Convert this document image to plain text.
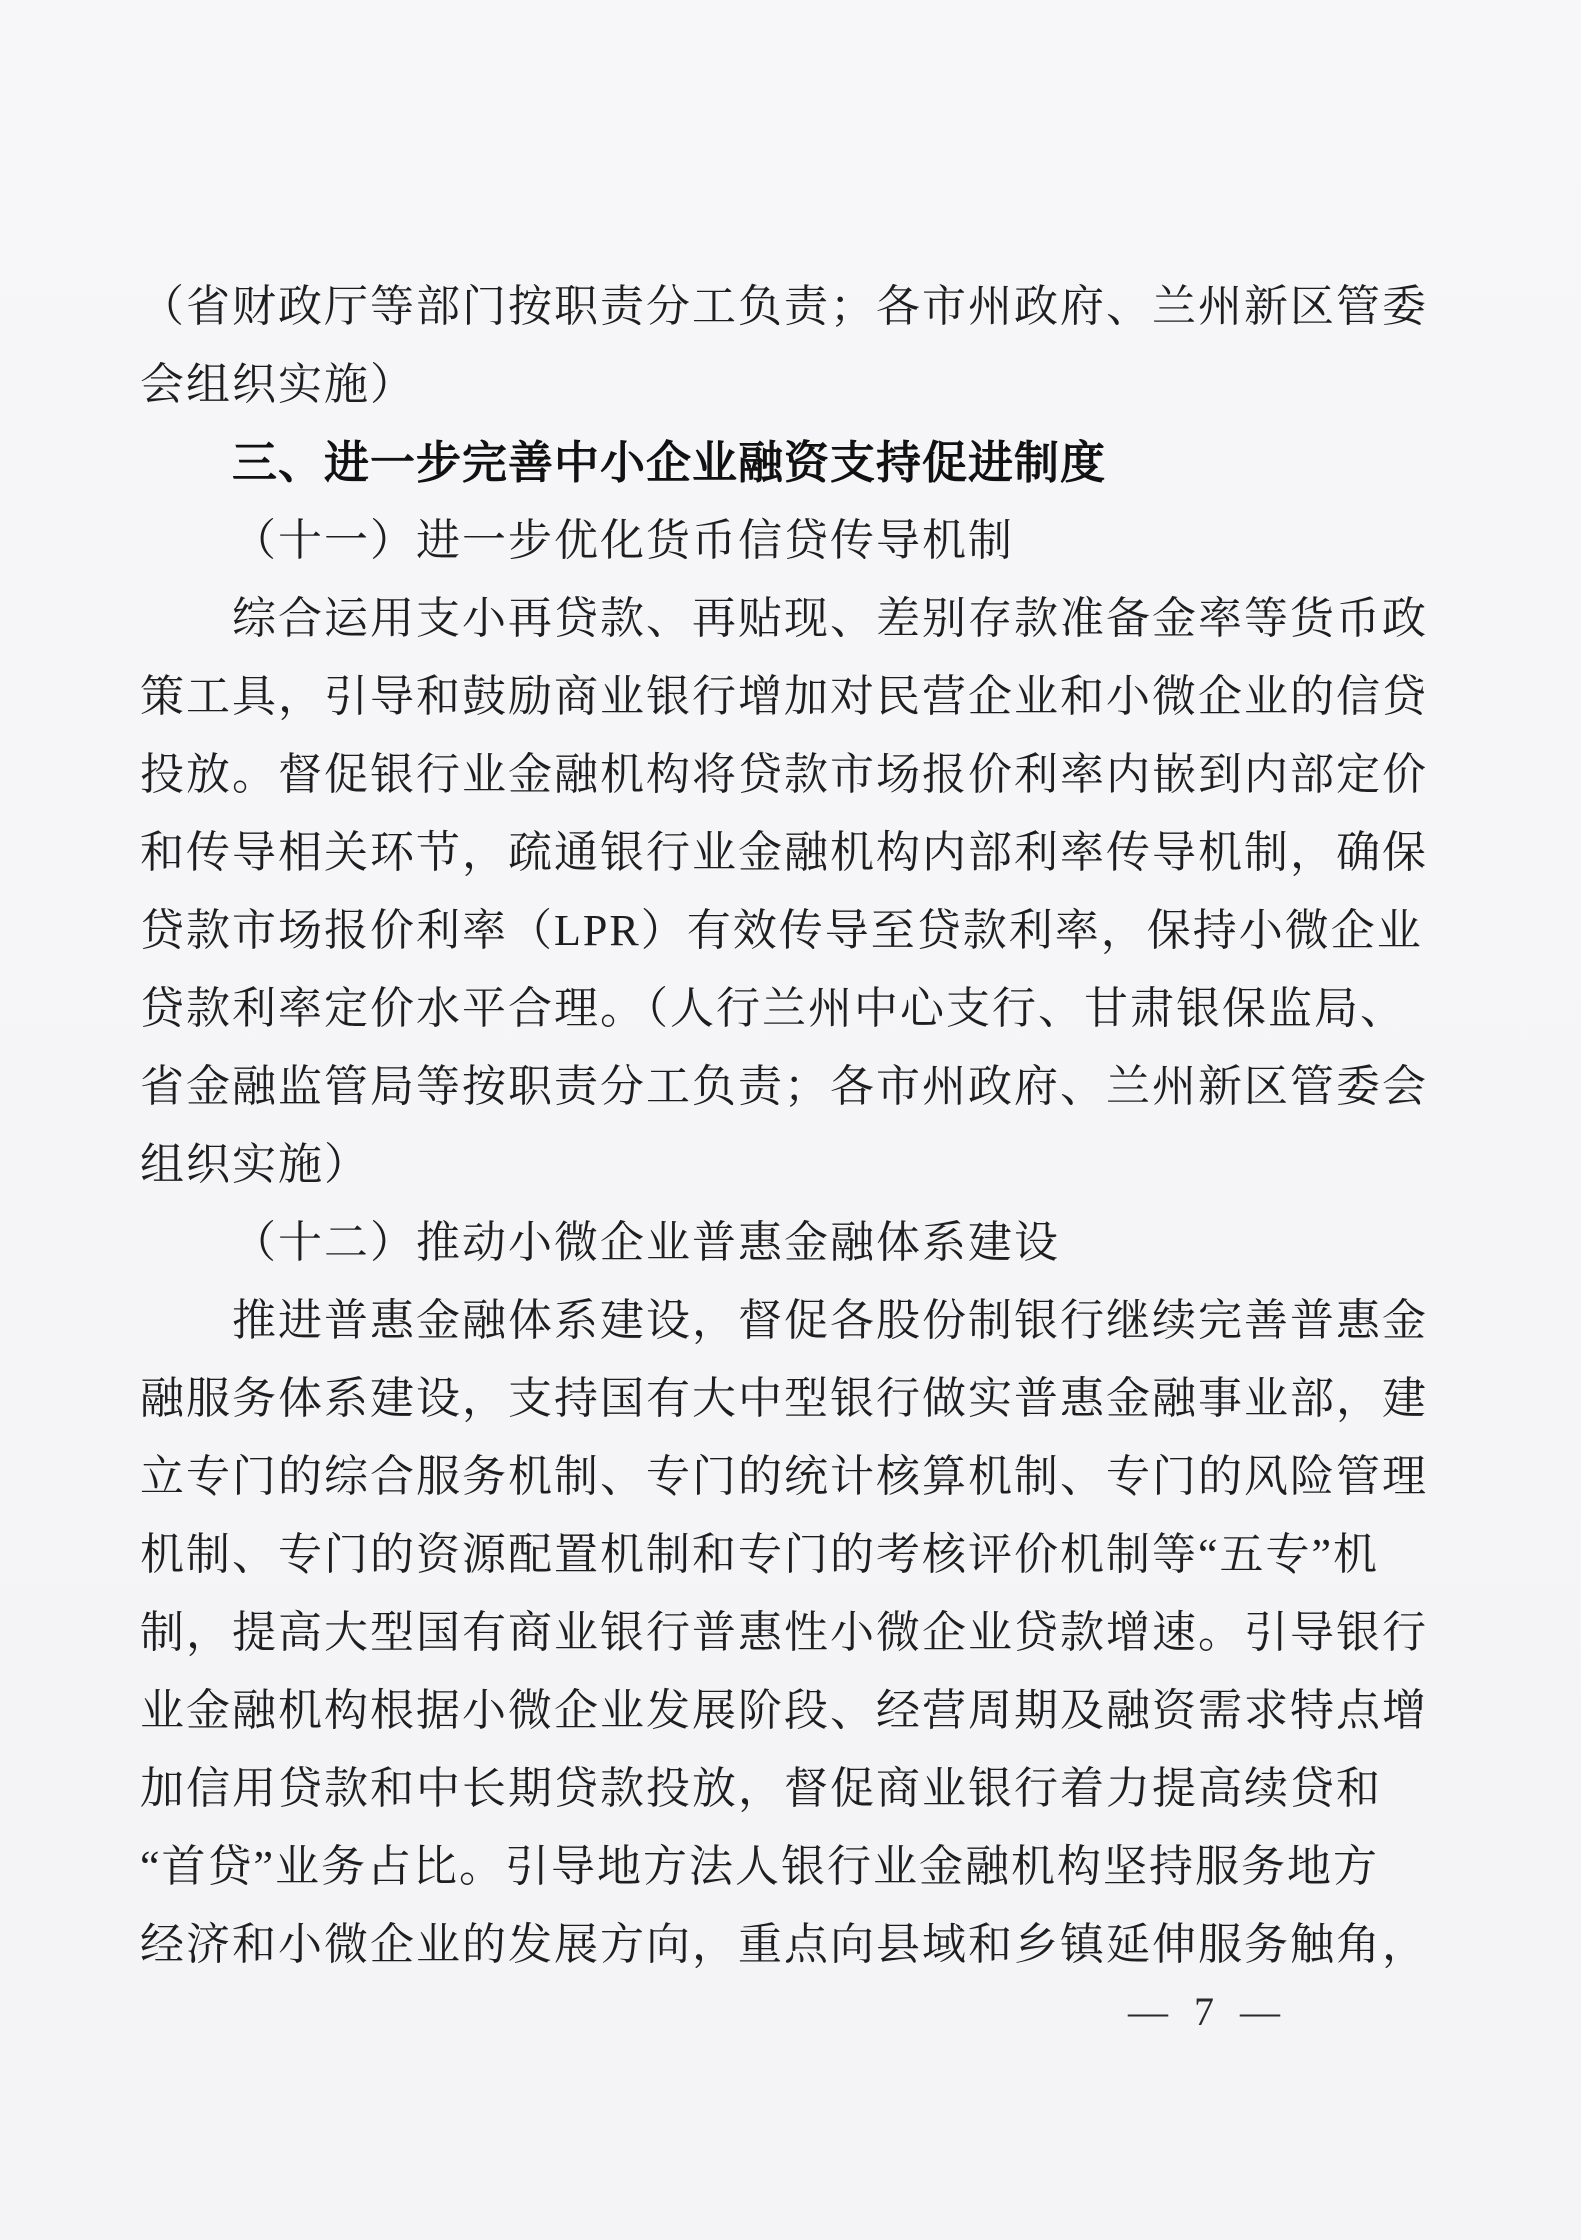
（省财政厅等部门按职责分工负责；各市州政府、兰州新区管委
会组织实施）
三、进一步完善中小企业融资支持促进制度
（十一）进一步优化货币信贷传导机制
综合运用支小再贷款、再贴现、差别存款准备金率等货币政
策工具，引导和鼓励商业银行增加对民营企业和小微企业的信贷
投放。督促银行业金融机构将贷款市场报价利率内嵌到内部定价
和传导相关环节，疏通银行业金融机构内部利率传导机制，确保
贷款市场报价利率（LPR）有效传导至贷款利率，保持小微企业
贷款利率定价水平合理。（人行兰州中心支行、甘肃银保监局、
省金融监管局等按职责分工负责；各市州政府、兰州新区管委会
组织实施）
（十二）推动小微企业普惠金融体系建设
推进普惠金融体系建设，督促各股份制银行继续完善普惠金
融服务体系建设，支持国有大中型银行做实普惠金融事业部，建
立专门的综合服务机制、专门的统计核算机制、专门的风险管理
机制、专门的资源配置机制和专门的考核评价机制等“五专”机
制，提高大型国有商业银行普惠性小微企业贷款增速。引导银行
业金融机构根据小微企业发展阶段、经营周期及融资需求特点增
加信用贷款和中长期贷款投放，督促商业银行着力提高续贷和
“首贷”业务占比。引导地方法人银行业金融机构坚持服务地方
经济和小微企业的发展方向，重点向县域和乡镇延伸服务触角，
— 7 —
